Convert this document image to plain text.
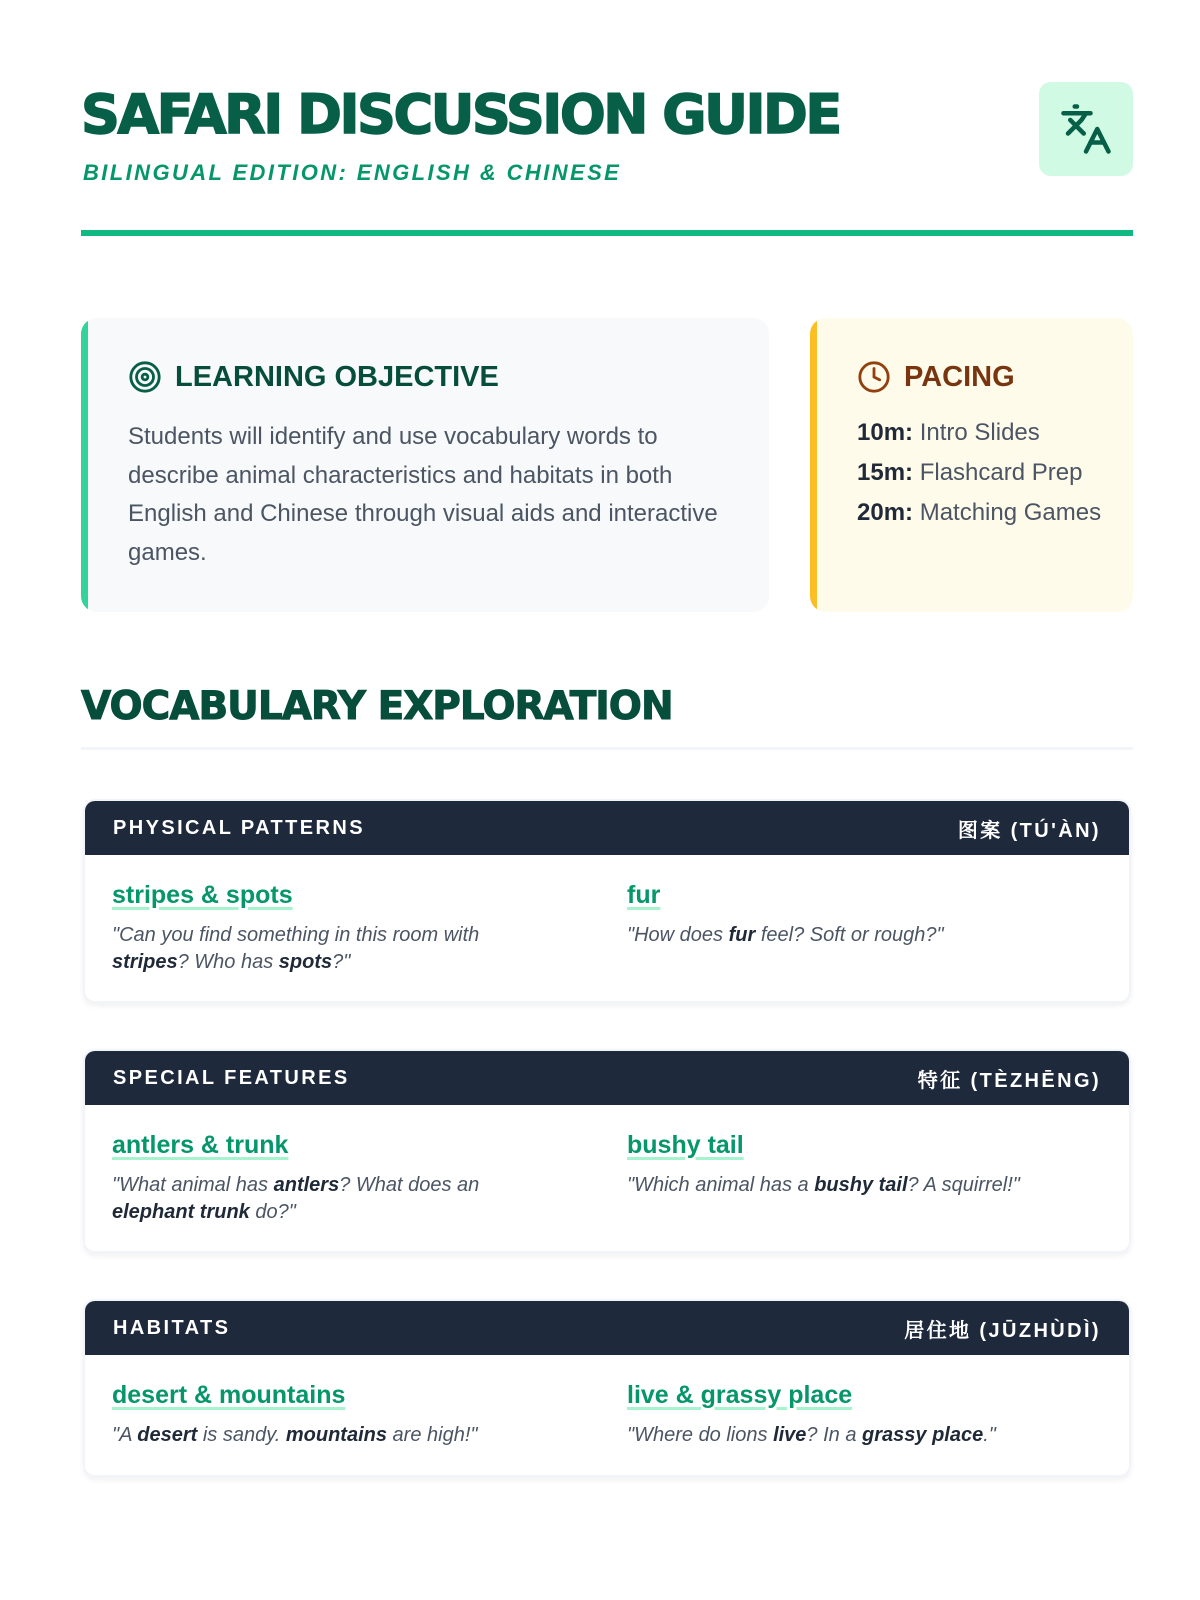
SAFARI DISCUSSION GUIDE
BILINGUAL EDITION: ENGLISH & CHINESE
LEARNING OBJECTIVE

Students will identify and use vocabulary words to describe animal characteristics and habitats in both English and Chinese through visual aids and interactive games.

PACING
10m: Intro Slides
15m: Flashcard Prep
20m: Matching Games
VOCABULARY EXPLORATION
PHYSICAL PATTERNS	图案 (TÚ'ÀN)
stripes & spots

"Can you find something in this room with stripes? Who has spots?"

fur

"How does fur feel? Soft or rough?"

SPECIAL FEATURES	特征 (TÈZHĒNG)
antlers & trunk

"What animal has antlers? What does an elephant trunk do?"

bushy tail

"Which animal has a bushy tail? A squirrel!"

HABITATS	居住地 (JŪZHÙDÌ)
desert & mountains

"A desert is sandy. mountains are high!"

live & grassy place

"Where do lions live? In a grassy place."
